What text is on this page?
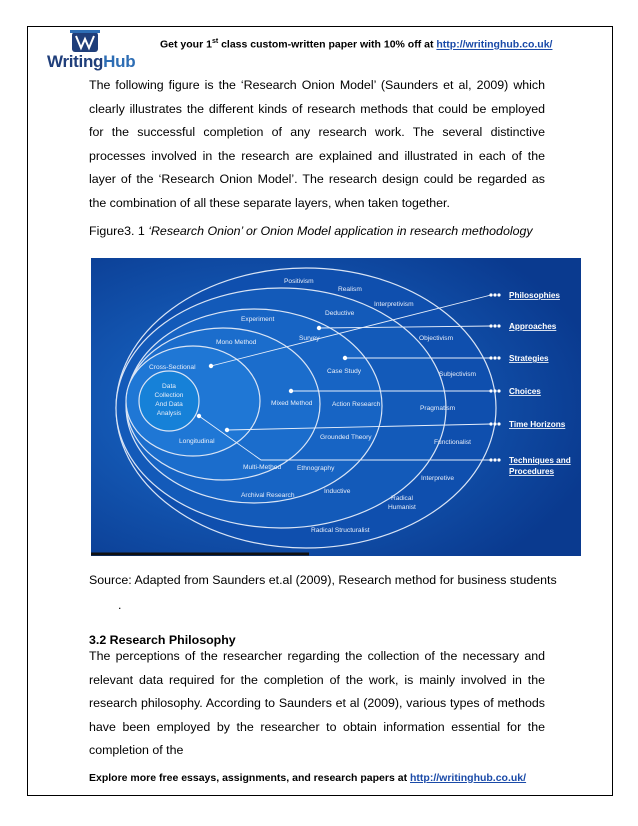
WritingHub
Get your 1st class custom-written paper with 10% off at http://writinghub.co.uk/
The following figure is the ‘Research Onion Model’ (Saunders et al, 2009) which clearly illustrates the different kinds of research methods that could be employed for the successful completion of any research work. The several distinctive processes involved in the research are explained and illustrated in each of the layer of the ‘Research Onion Model’. The research design could be regarded as the combination of all these separate layers, when taken together.
Figure3. 1 ‘Research Onion’ or Onion Model application in research methodology
Data
Collection
And Data
Analysis
Positivism
Realism
Interpretivism
Experiment
Deductive
Objectivism
Mono Method
Survey
Cross-Sectional
Case Study	Subjectivism
Mixed Method	Action Research
Pragmatism
Longitudinal
Grounded Theory
Functionalist
Multi-Method Ethnography
Interpretive
Archival Research
Inductive
Radical
Humanist
Radical Structuralist
Philosophies
Approaches
Strategies
Choices
Time Horizons
Techniques and
Procedures
Source: Adapted from Saunders et.al (2009), Research method for business students
.
3.2 Research Philosophy
The perceptions of the researcher regarding the collection of the necessary and relevant data required for the completion of the work, is mainly involved in the research philosophy. According to Saunders et al (2009), various types of methods have been employed by the researcher to obtain information essential for the completion of the
Explore more free essays, assignments, and research papers at http://writinghub.co.uk/
